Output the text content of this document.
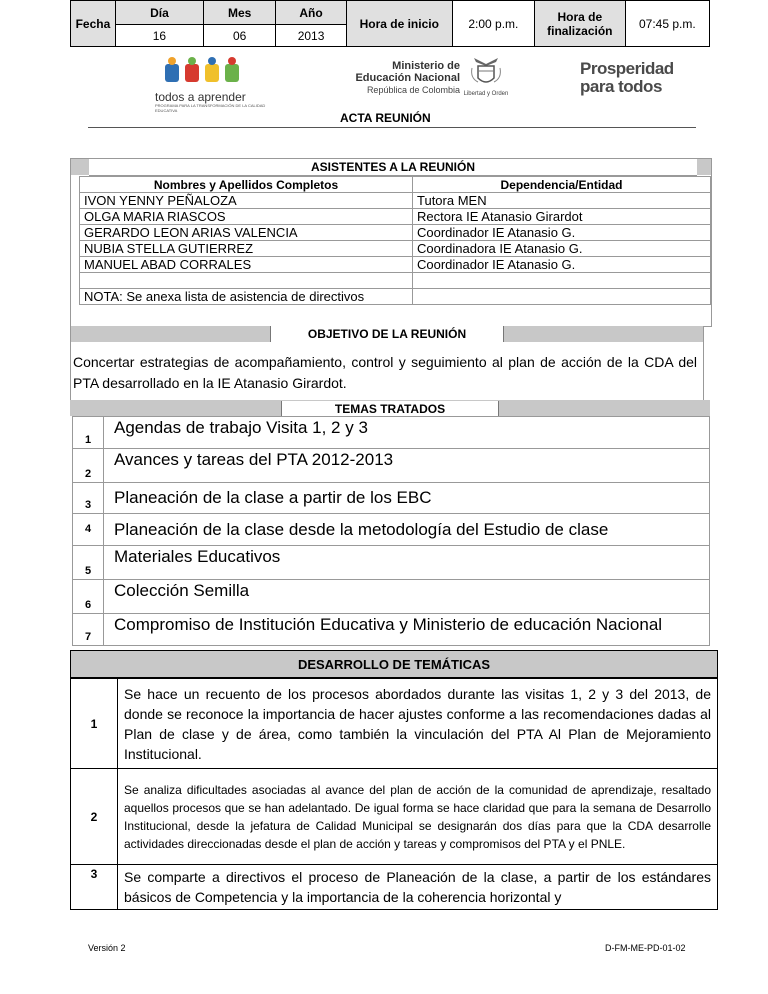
Fecha	Día	Mes	Año	Hora de inicio	2:00 p.m.	Hora de finalización	07:45 p.m.
	16	06	2013				
todos a aprender
PROGRAMA PARA LA TRANSFORMACIÓN DE LA CALIDAD EDUCATIVA
Ministerio de
Educación Nacional
República de Colombia Libertad y Orden
Prosperidad
para todos
ACTA REUNIÓN
ASISTENTES A LA REUNIÓN
Nombres y Apellidos Completos	Dependencia/Entidad
IVON YENNY PEÑALOZA	Tutora MEN
OLGA MARIA RIASCOS	Rectora IE Atanasio Girardot
GERARDO LEON ARIAS VALENCIA	Coordinador IE Atanasio G.
NUBIA STELLA GUTIERREZ	Coordinadora IE Atanasio G.
MANUEL ABAD CORRALES	Coordinador IE Atanasio G.

NOTA: Se anexa lista de asistencia de directivos	
OBJETIVO DE LA REUNIÓN
Concertar estrategias de acompañamiento, control y seguimiento al plan de acción de la CDA del PTA desarrollado en la IE Atanasio Girardot.
TEMAS TRATADOS
1	Agendas de trabajo Visita 1, 2 y 3
2	Avances y tareas del PTA 2012-2013
3	Planeación de la clase a partir de los EBC
4	Planeación de la clase desde la metodología del Estudio de clase
5	Materiales Educativos
6	Colección Semilla
7	Compromiso de Institución Educativa y Ministerio de educación Nacional
DESARROLLO DE TEMÁTICAS
1	Se hace un recuento de los procesos abordados durante las visitas 1, 2 y 3 del 2013, de donde se reconoce la importancia de hacer ajustes conforme a las recomendaciones dadas al Plan de clase y de área, como también la vinculación del PTA Al Plan de Mejoramiento Institucional.
2	Se analiza dificultades asociadas al avance del plan de acción de la comunidad de aprendizaje, resaltado aquellos procesos que se han adelantado. De igual forma se hace claridad que para la semana de Desarrollo Institucional, desde la jefatura de Calidad Municipal se designarán dos días para que la CDA desarrolle actividades direccionadas desde el plan de acción y tareas y compromisos del PTA y el PNLE.
3	Se comparte a directivos el proceso de Planeación de la clase, a partir de los estándares básicos de Competencia y la importancia de la coherencia horizontal y
Versión 2	D-FM-ME-PD-01-02
